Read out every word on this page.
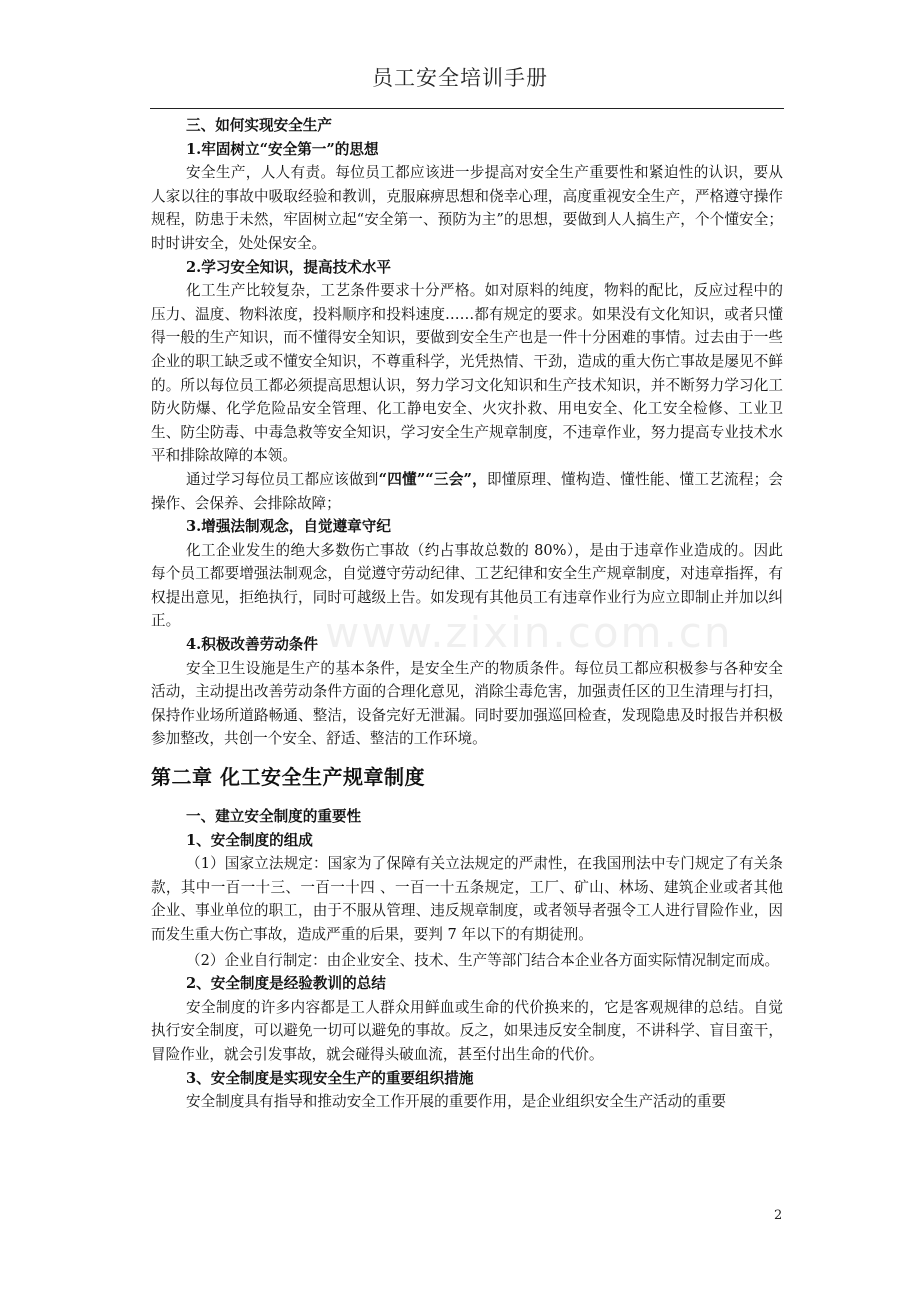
员工安全培训手册
www.zixin.com.cn

三、如何实现安全生产

1.牢固树立“安全第一”的思想

安全生产，人人有责。每位员工都应该进一步提高对安全生产重要性和紧迫性的认识，要从人家以往的事故中吸取经验和教训，克服麻痹思想和侥幸心理，高度重视安全生产，严格遵守操作规程，防患于未然，牢固树立起“安全第一、预防为主”的思想，要做到人人搞生产，个个懂安全；时时讲安全，处处保安全。

2.学习安全知识，提高技术水平

化工生产比较复杂，工艺条件要求十分严格。如对原料的纯度，物料的配比，反应过程中的压力、温度、物料浓度，投料顺序和投料速度……都有规定的要求。如果没有文化知识，或者只懂得一般的生产知识，而不懂得安全知识，要做到安全生产也是一件十分困难的事情。过去由于一些企业的职工缺乏或不懂安全知识，不尊重科学，光凭热情、干劲，造成的重大伤亡事故是屡见不鲜的。所以每位员工都必须提高思想认识，努力学习文化知识和生产技术知识，并不断努力学习化工防火防爆、化学危险品安全管理、化工静电安全、火灾扑救、用电安全、化工安全检修、工业卫生、防尘防毒、中毒急救等安全知识，学习安全生产规章制度，不违章作业，努力提高专业技术水平和排除故障的本领。

通过学习每位员工都应该做到“四懂”“三会”，即懂原理、懂构造、懂性能、懂工艺流程；会操作、会保养、会排除故障；

3.增强法制观念，自觉遵章守纪

化工企业发生的绝大多数伤亡事故（约占事故总数的 80%），是由于违章作业造成的。因此每个员工都要增强法制观念，自觉遵守劳动纪律、工艺纪律和安全生产规章制度，对违章指挥，有权提出意见，拒绝执行，同时可越级上告。如发现有其他员工有违章作业行为应立即制止并加以纠正。

4.积极改善劳动条件

安全卫生设施是生产的基本条件，是安全生产的物质条件。每位员工都应积极参与各种安全活动，主动提出改善劳动条件方面的合理化意见，消除尘毒危害，加强责任区的卫生清理与打扫，保持作业场所道路畅通、整洁，设备完好无泄漏。同时要加强巡回检查，发现隐患及时报告并积极参加整改，共创一个安全、舒适、整洁的工作环境。

第二章 化工安全生产规章制度

一、建立安全制度的重要性

1、安全制度的组成

（1）国家立法规定：国家为了保障有关立法规定的严肃性，在我国刑法中专门规定了有关条款，其中一百一十三、一百一十四 、一百一十五条规定，工厂、矿山、林场、建筑企业或者其他企业、事业单位的职工，由于不服从管理、违反规章制度，或者领导者强令工人进行冒险作业，因而发生重大伤亡事故，造成严重的后果，要判 7 年以下的有期徒刑。

（2）企业自行制定：由企业安全、技术、生产等部门结合本企业各方面实际情况制定而成。

2、安全制度是经验教训的总结

安全制度的许多内容都是工人群众用鲜血或生命的代价换来的，它是客观规律的总结。自觉执行安全制度，可以避免一切可以避免的事故。反之，如果违反安全制度，不讲科学、盲目蛮干，冒险作业，就会引发事故，就会碰得头破血流，甚至付出生命的代价。

3、安全制度是实现安全生产的重要组织措施

安全制度具有指导和推动安全工作开展的重要作用，是企业组织安全生产活动的重要

2
